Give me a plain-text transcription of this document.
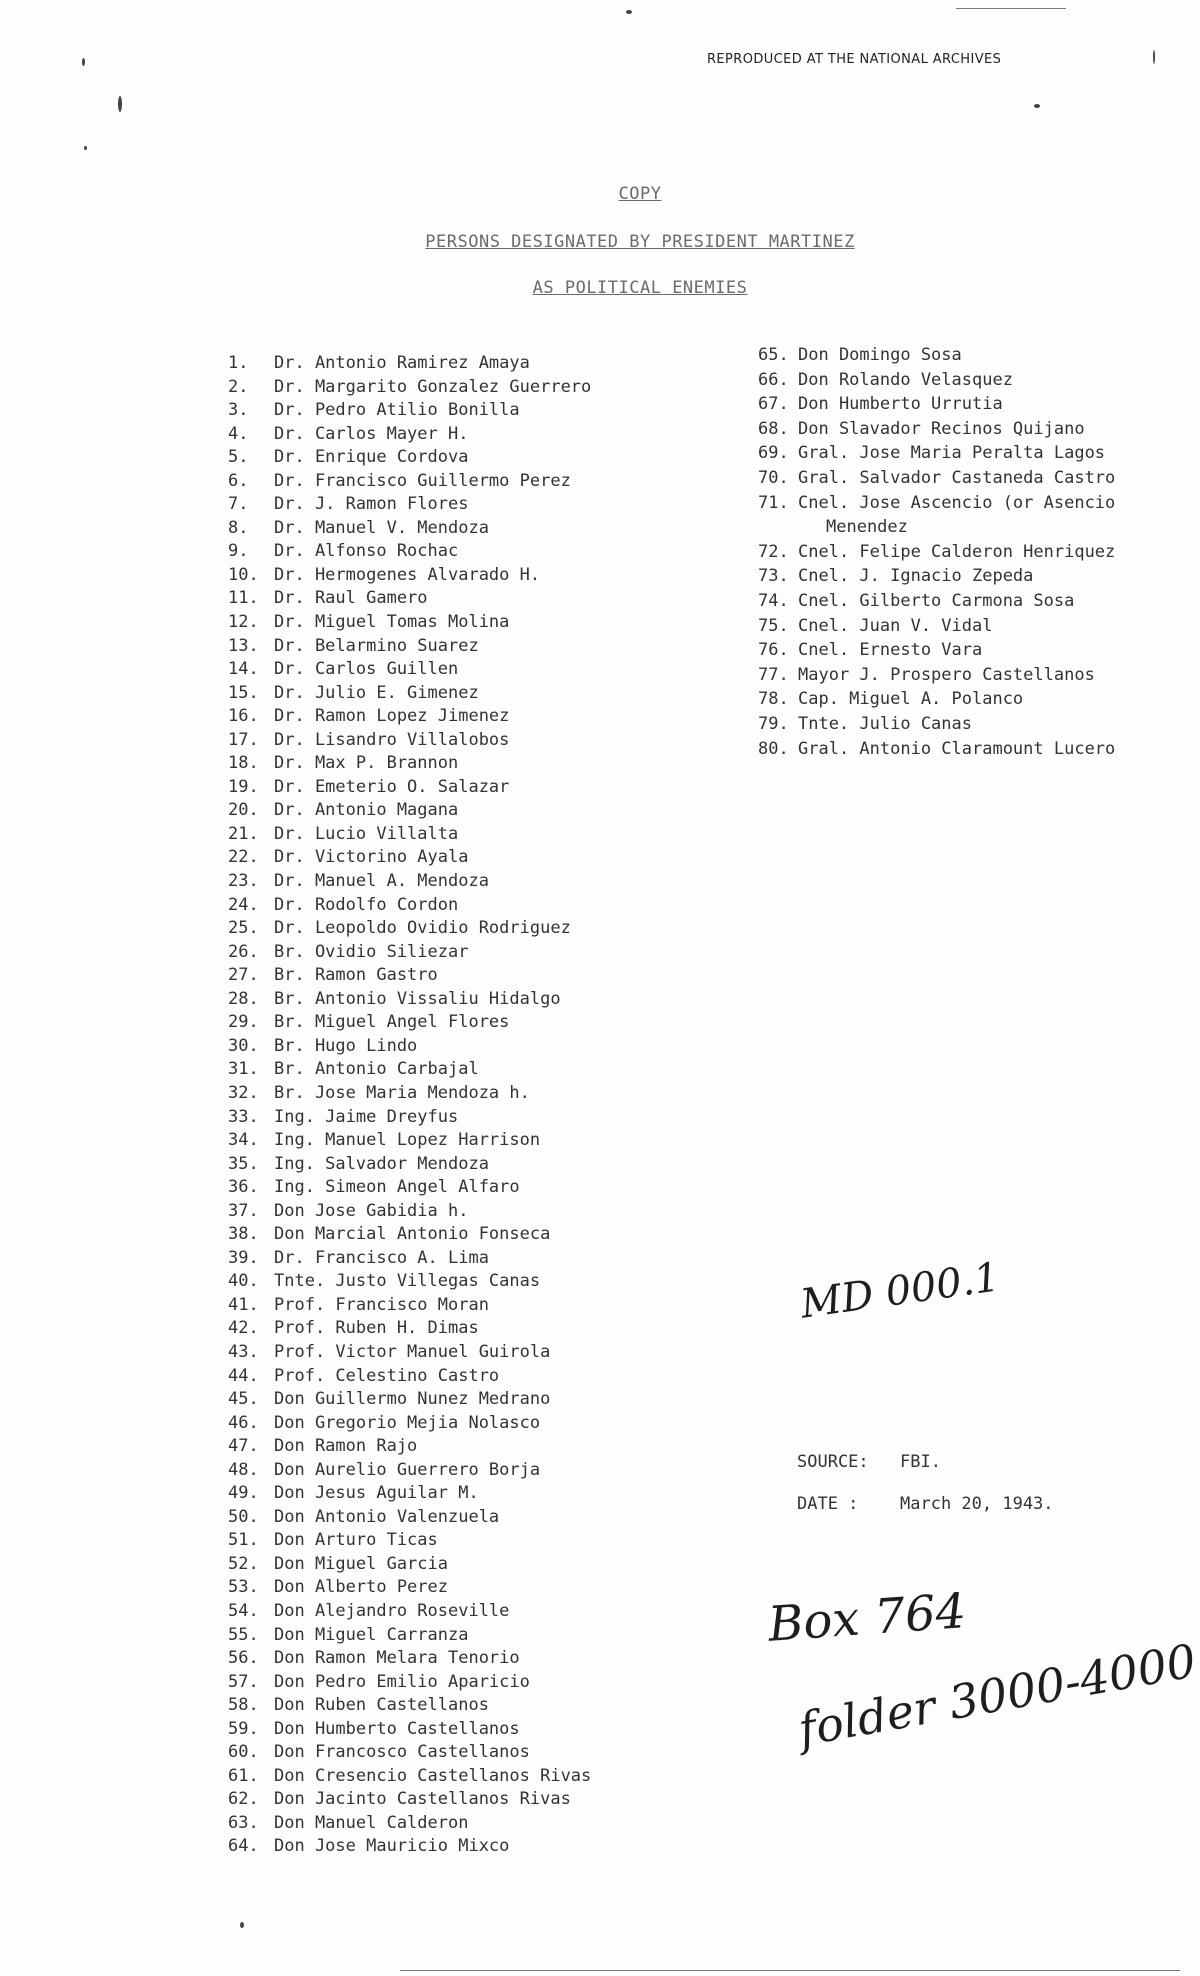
REPRODUCED AT THE NATIONAL ARCHIVES
COPY
PERSONS DESIGNATED BY PRESIDENT MARTINEZ
AS POLITICAL ENEMIES
1. Dr. Antonio Ramirez Amaya
2. Dr. Margarito Gonzalez Guerrero
3. Dr. Pedro Atilio Bonilla
4. Dr. Carlos Mayer H.
5. Dr. Enrique Cordova
6. Dr. Francisco Guillermo Perez
7. Dr. J. Ramon Flores
8. Dr. Manuel V. Mendoza
9. Dr. Alfonso Rochac
10. Dr. Hermogenes Alvarado H.
11. Dr. Raul Gamero
12. Dr. Miguel Tomas Molina
13. Dr. Belarmino Suarez
14. Dr. Carlos Guillen
15. Dr. Julio E. Gimenez
16. Dr. Ramon Lopez Jimenez
17. Dr. Lisandro Villalobos
18. Dr. Max P. Brannon
19. Dr. Emeterio O. Salazar
20. Dr. Antonio Magana
21. Dr. Lucio Villalta
22. Dr. Victorino Ayala
23. Dr. Manuel A. Mendoza
24. Dr. Rodolfo Cordon
25. Dr. Leopoldo Ovidio Rodriguez
26. Br. Ovidio Siliezar
27. Br. Ramon Gastro
28. Br. Antonio Vissaliu Hidalgo
29. Br. Miguel Angel Flores
30. Br. Hugo Lindo
31. Br. Antonio Carbajal
32. Br. Jose Maria Mendoza h.
33. Ing. Jaime Dreyfus
34. Ing. Manuel Lopez Harrison
35. Ing. Salvador Mendoza
36. Ing. Simeon Angel Alfaro
37. Don Jose Gabidia h.
38. Don Marcial Antonio Fonseca
39. Dr. Francisco A. Lima
40. Tnte. Justo Villegas Canas
41. Prof. Francisco Moran
42. Prof. Ruben H. Dimas
43. Prof. Victor Manuel Guirola
44. Prof. Celestino Castro
45. Don Guillermo Nunez Medrano
46. Don Gregorio Mejia Nolasco
47. Don Ramon Rajo
48. Don Aurelio Guerrero Borja
49. Don Jesus Aguilar M.
50. Don Antonio Valenzuela
51. Don Arturo Ticas
52. Don Miguel Garcia
53. Don Alberto Perez
54. Don Alejandro Roseville
55. Don Miguel Carranza
56. Don Ramon Melara Tenorio
57. Don Pedro Emilio Aparicio
58. Don Ruben Castellanos
59. Don Humberto Castellanos
60. Don Francosco Castellanos
61. Don Cresencio Castellanos Rivas
62. Don Jacinto Castellanos Rivas
63. Don Manuel Calderon
64. Don Jose Mauricio Mixco
65. Don Domingo Sosa
66. Don Rolando Velasquez
67. Don Humberto Urrutia
68. Don Slavador Recinos Quijano
69. Gral. Jose Maria Peralta Lagos
70. Gral. Salvador Castaneda Castro
71. Cnel. Jose Ascencio (or Asencio
Menendez
72. Cnel. Felipe Calderon Henriquez
73. Cnel. J. Ignacio Zepeda
74. Cnel. Gilberto Carmona Sosa
75. Cnel. Juan V. Vidal
76. Cnel. Ernesto Vara
77. Mayor J. Prospero Castellanos
78. Cap. Miguel A. Polanco
79. Tnte. Julio Canas
80. Gral. Antonio Claramount Lucero
SOURCE: FBI.
DATE : March 20, 1943.
MD 000.1
Box 764
folder 3000-4000
